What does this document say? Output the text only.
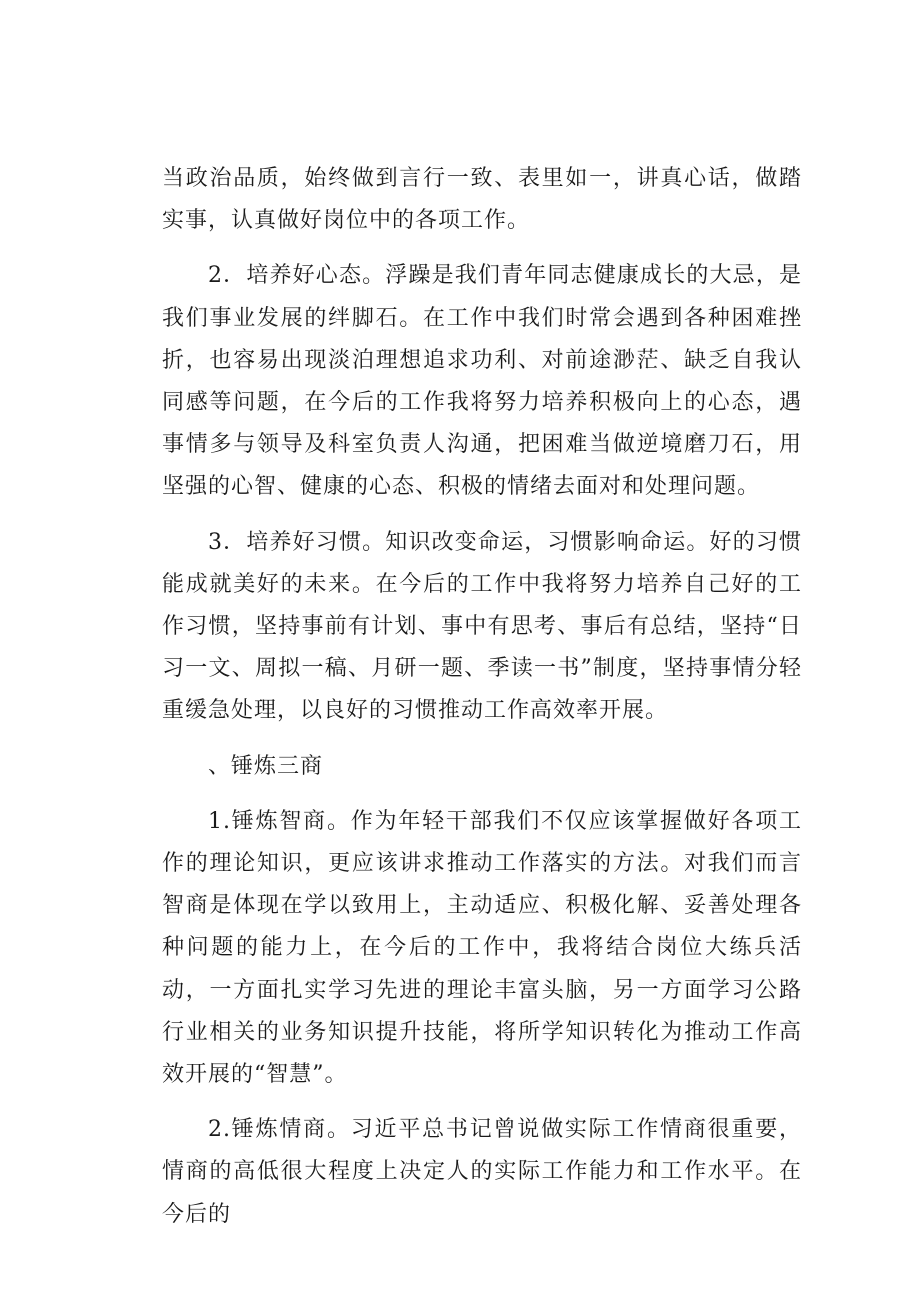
当政治品质，始终做到言行一致、表里如一，讲真心话，做踏实事，认真做好岗位中的各项工作。

2．培养好心态。浮躁是我们青年同志健康成长的大忌，是我们事业发展的绊脚石。在工作中我们时常会遇到各种困难挫折，也容易出现淡泊理想追求功利、对前途渺茫、缺乏自我认同感等问题，在今后的工作我将努力培养积极向上的心态，遇事情多与领导及科室负责人沟通，把困难当做逆境磨刀石，用坚强的心智、健康的心态、积极的情绪去面对和处理问题。

3．培养好习惯。知识改变命运，习惯影响命运。好的习惯能成就美好的未来。在今后的工作中我将努力培养自己好的工作习惯，坚持事前有计划、事中有思考、事后有总结，坚持“日习一文、周拟一稿、月研一题、季读一书”制度，坚持事情分轻重缓急处理，以良好的习惯推动工作高效率开展。

、锤炼三商

1.锤炼智商。作为年轻干部我们不仅应该掌握做好各项工作的理论知识，更应该讲求推动工作落实的方法。对我们而言智商是体现在学以致用上，主动适应、积极化解、妥善处理各种问题的能力上，在今后的工作中，我将结合岗位大练兵活动，一方面扎实学习先进的理论丰富头脑，另一方面学习公路行业相关的业务知识提升技能，将所学知识转化为推动工作高效开展的“智慧”。

2.锤炼情商。习近平总书记曾说做实际工作情商很重要，情商的高低很大程度上决定人的实际工作能力和工作水平。在今后的
